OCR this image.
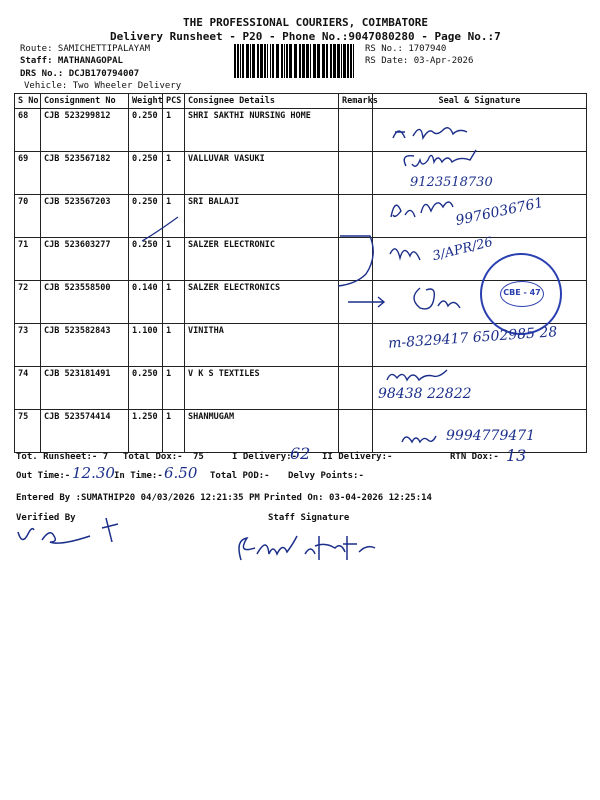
THE PROFESSIONAL COURIERS, COIMBATORE
Delivery Runsheet - P20 - Phone No.:9047080280 - Page No.:7
Route: SAMICHETTIPALAYAM
Staff: MATHANAGOPAL
DRS No.: DCJB170794007
Vehicle: Two Wheeler Delivery
RS No.: 1707940
RS Date: 03-Apr-2026
S No	Consignment No	Weight	PCS	Consignee Details	Remarks	Seal & Signature
68	CJB 523299812	0.250	1	SHRI SAKTHI NURSING HOME		
69	CJB 523567182	0.250	1	VALLUVAR VASUKI		
70	CJB 523567203	0.250	1	SRI BALAJI		
71	CJB 523603277	0.250	1	SALZER ELECTRONIC		
72	CJB 523558500	0.140	1	SALZER ELECTRONICS		
73	CJB 523582843	1.100	1	VINITHA		
74	CJB 523181491	0.250	1	V K S TEXTILES		
75	CJB 523574414	1.250	1	SHANMUGAM		
9123518730
9976036761
3/APR/26
CBE - 47
m-8329417 6502985 28
98438 22822
9994779471
Tot. Runsheet:- 7 Total Dox:- 75	I Delivery:-
62 II Delivery:-	RTN Dox:- 13
Out Time:- 12.30 In Time:- 6.50 Total POD:- Delvy Points:-
Entered By :SUMATHIP20 04/03/2026 12:21:35 PM Printed On: 03-04-2026 12:25:14
Verified By	Staff Signature
